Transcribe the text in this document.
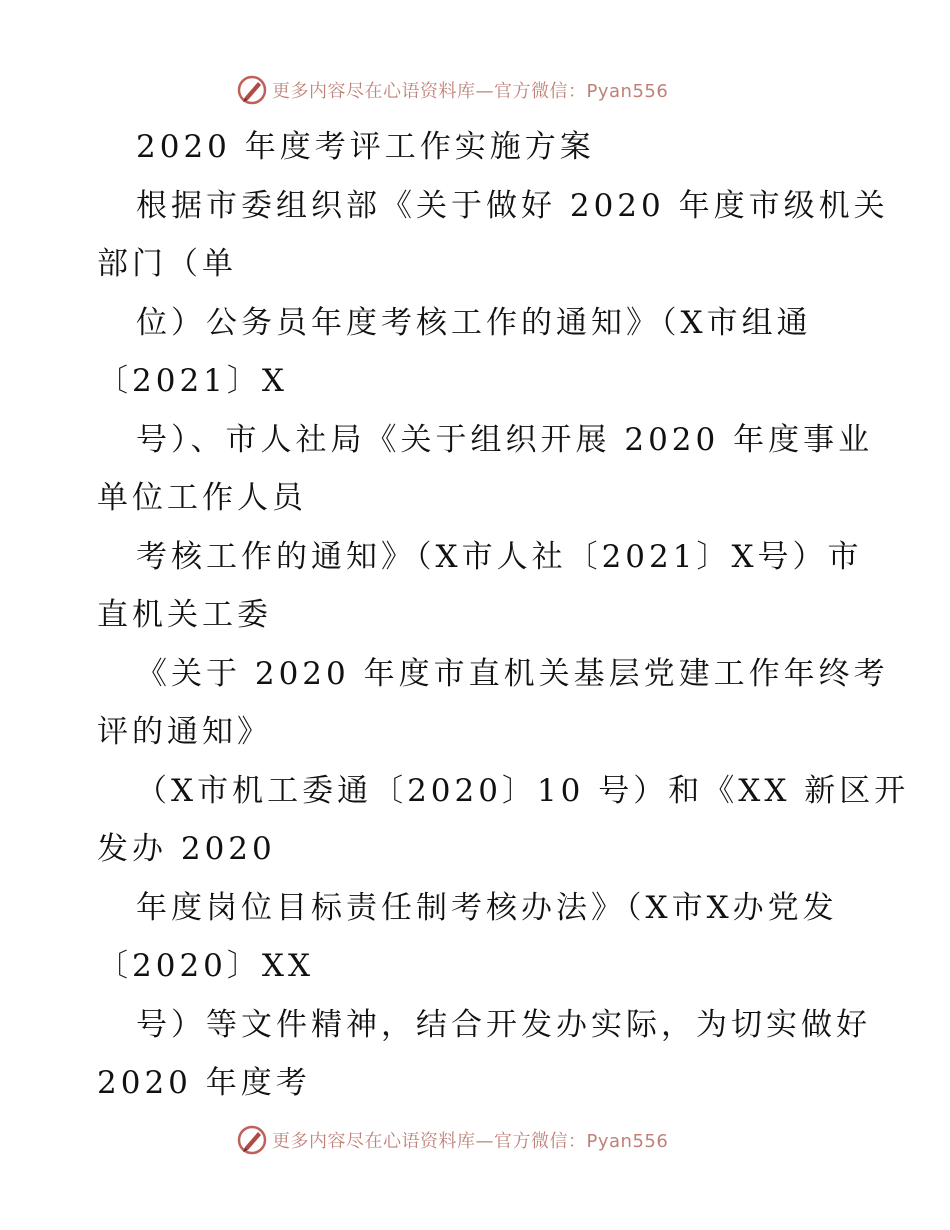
更多内容尽在心语资料库—官方微信：Pyan556
2020 年度考评工作实施方案
根据市委组织部《关于做好 2020 年度市级机关
部门（单
位）公务员年度考核工作的通知》（X市组通
〔2021〕X
号）、市人社局《关于组织开展 2020 年度事业
单位工作人员
考核工作的通知》（X市人社〔2021〕X号）市
直机关工委
《关于 2020 年度市直机关基层党建工作年终考
评的通知》
（X市机工委通〔2020〕10 号）和《XX 新区开
发办 2020
年度岗位目标责任制考核办法》（X市X办党发
〔2020〕XX
号）等文件精神，结合开发办实际，为切实做好
2020 年度考
更多内容尽在心语资料库—官方微信：Pyan556
